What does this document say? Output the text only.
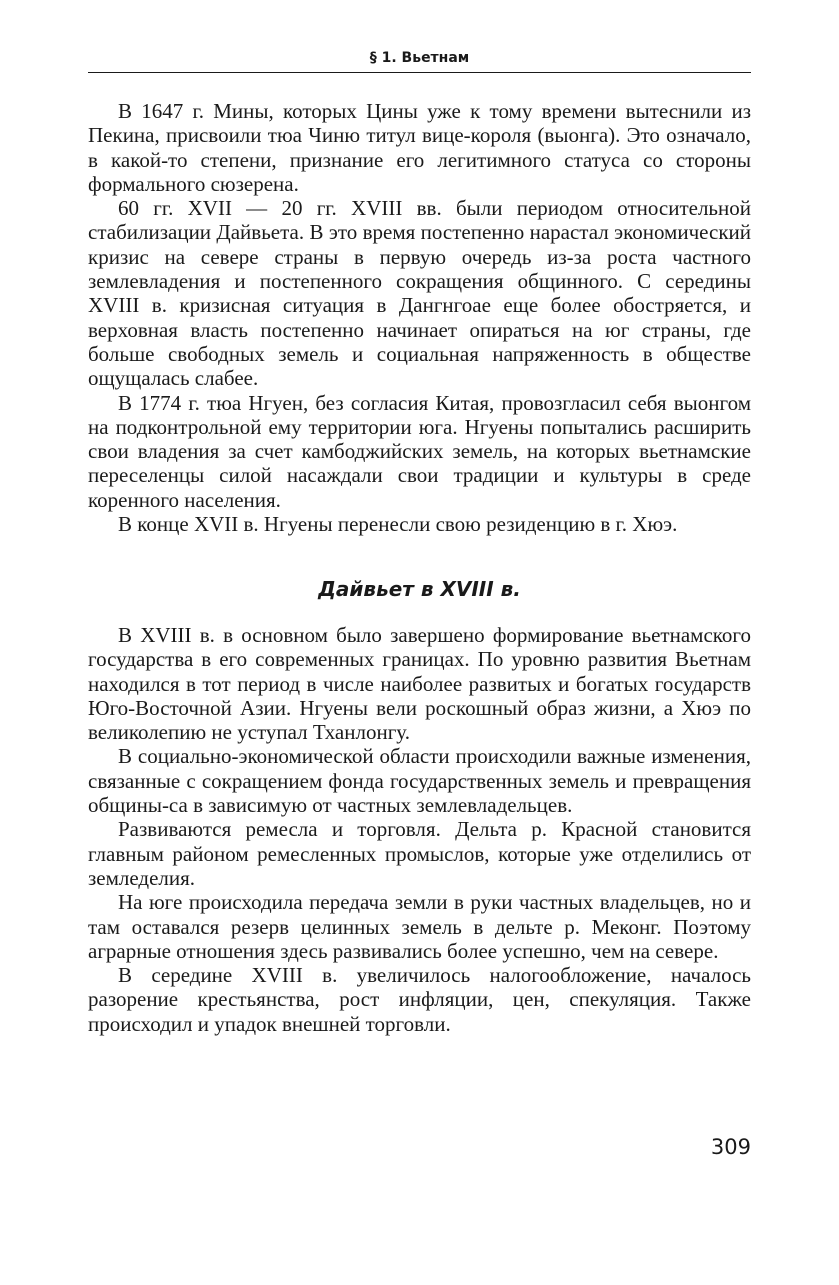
§ 1. Вьетнам

В 1647 г. Мины, которых Цины уже к тому времени вытеснили из Пекина, присвоили тюа Чиню титул вице-короля (выонга). Это означало, в какой-то степени, признание его легитимного статуса со стороны формального сюзерена.

60 гг. XVII — 20 гг. XVIII вв. были периодом относительной стабилизации Дайвьета. В это время постепенно нарастал экономический кризис на севере страны в первую очередь из-за роста частного землевладения и постепенного сокращения общинного. С середины XVIII в. кризисная ситуация в Дангнгоае еще более обостряется, и верховная власть постепенно начинает опираться на юг страны, где больше свободных земель и социальная напряженность в обществе ощущалась слабее.

В 1774 г. тюа Нгуен, без согласия Китая, провозгласил себя выонгом на подконтрольной ему территории юга. Нгуены попытались расширить свои владения за счет камбоджийских земель, на которых вьетнамские переселенцы силой насаждали свои традиции и культуры в среде коренного населения.

В конце XVII в. Нгуены перенесли свою резиденцию в г. Хюэ.

Дайвьет в XVIII в.

В XVIII в. в основном было завершено формирование вьетнамского государства в его современных границах. По уровню развития Вьетнам находился в тот период в числе наиболее развитых и богатых государств Юго-Восточной Азии. Нгуены вели роскошный образ жизни, а Хюэ по великолепию не уступал Тханлонгу.

В социально-экономической области происходили важные изменения, связанные с сокращением фонда государственных земель и превращения общины-са в зависимую от частных землевладельцев.

Развиваются ремесла и торговля. Дельта р. Красной становится главным районом ремесленных промыслов, которые уже отделились от земледелия.

На юге происходила передача земли в руки частных владельцев, но и там оставался резерв целинных земель в дельте р. Меконг. Поэтому аграрные отношения здесь развивались более успешно, чем на севере.

В середине XVIII в. увеличилось налогообложение, началось разорение крестьянства, рост инфляции, цен, спекуляция. Также происходил и упадок внешней торговли.

309
